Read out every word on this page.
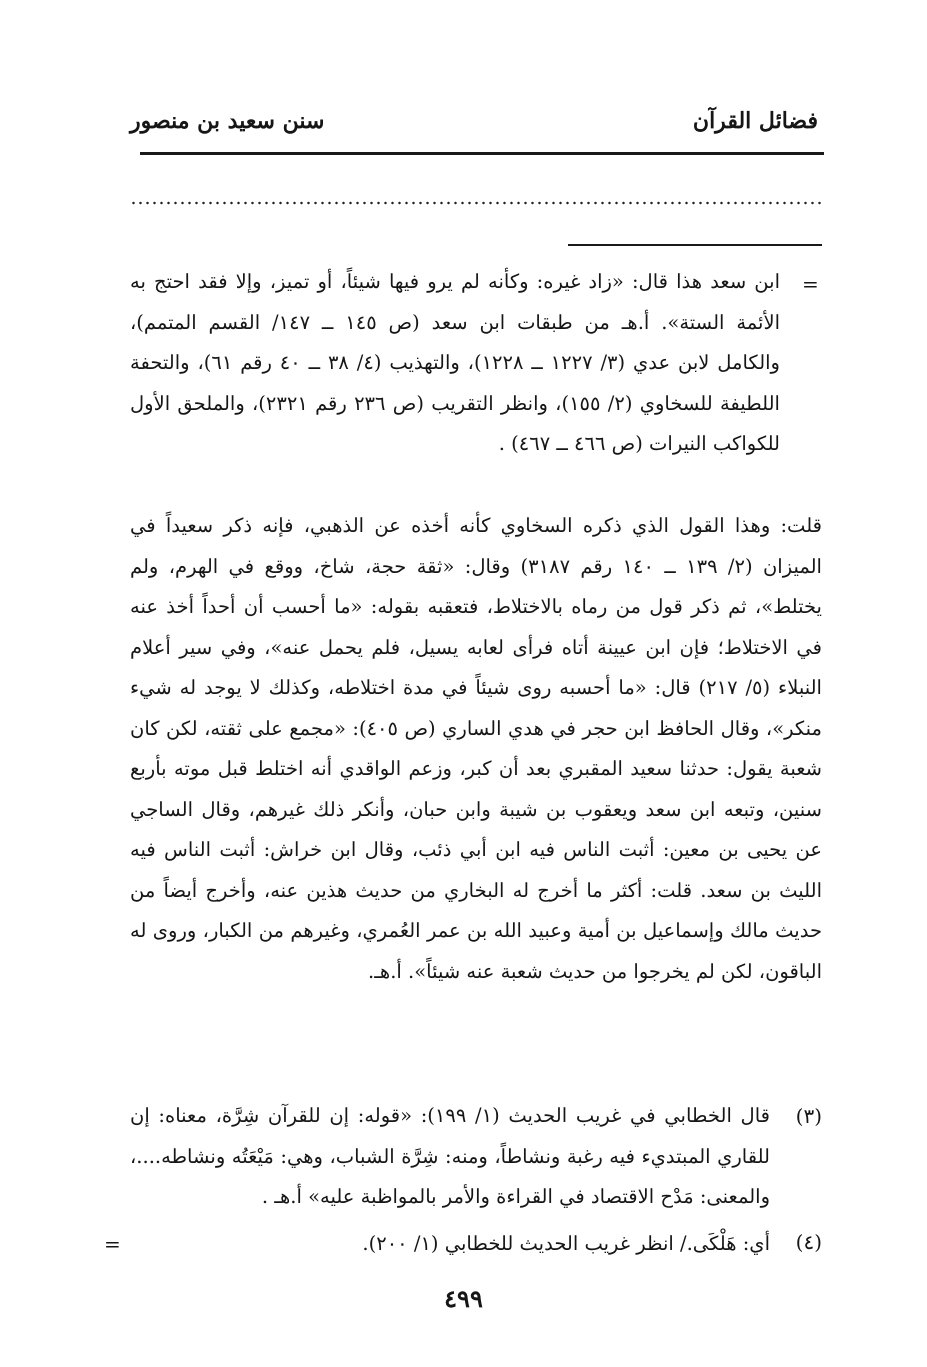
فضائل القرآن
سنن سعيد بن منصور
=
ابن سعد هذا قال: «زاد غيره: وكأنه لم يرو فيها شيئاً، أو تميز، وإلا فقد احتج به الأئمة الستة». أ.هـ من طبقات ابن سعد (ص ١٤٥ ــ ١٤٧/ القسم المتمم)، والكامل لابن عدي (٣/ ١٢٢٧ ــ ١٢٢٨)، والتهذيب (٤/ ٣٨ ــ ٤٠ رقم ٦١)، والتحفة اللطيفة للسخاوي (٢/ ١٥٥)، وانظر التقريب (ص ٢٣٦ رقم ٢٣٢١)، والملحق الأول للكواكب النيرات (ص ٤٦٦ ــ ٤٦٧) .
قلت: وهذا القول الذي ذكره السخاوي كأنه أخذه عن الذهبي، فإنه ذكر سعيداً في الميزان (٢/ ١٣٩ ــ ١٤٠ رقم ٣١٨٧) وقال: «ثقة حجة، شاخ، ووقع في الهرم، ولم يختلط»، ثم ذكر قول من رماه بالاختلاط، فتعقبه بقوله: «ما أحسب أن أحداً أخذ عنه في الاختلاط؛ فإن ابن عيينة أتاه فرأى لعابه يسيل، فلم يحمل عنه»، وفي سير أعلام النبلاء (٥/ ٢١٧) قال: «ما أحسبه روى شيئاً في مدة اختلاطه، وكذلك لا يوجد له شيء منكر»، وقال الحافظ ابن حجر في هدي الساري (ص ٤٠٥): «مجمع على ثقته، لكن كان شعبة يقول: حدثنا سعيد المقبري بعد أن كبر، وزعم الواقدي أنه اختلط قبل موته بأربع سنين، وتبعه ابن سعد ويعقوب بن شيبة وابن حبان، وأنكر ذلك غيرهم، وقال الساجي عن يحيى بن معين: أثبت الناس فيه ابن أبي ذئب، وقال ابن خراش: أثبت الناس فيه الليث بن سعد. قلت: أكثر ما أخرج له البخاري من حديث هذين عنه، وأخرج أيضاً من حديث مالك وإسماعيل بن أمية وعبيد الله بن عمر العُمري، وغيرهم من الكبار، وروى له الباقون، لكن لم يخرجوا من حديث شعبة عنه شيئاً». أ.هـ.
(٣)
قال الخطابي في غريب الحديث (١/ ١٩٩): «قوله: إن للقرآن شِرَّة، معناه: إن للقاري المبتديء فيه رغبة ونشاطاً، ومنه: شِرَّة الشباب، وهي: مَيْعَتُه ونشاطه....، والمعنى: مَدْح الاقتصاد في القراءة والأمر بالمواظبة عليه» أ.هـ .
(٤)
أي: هَلْكَى./ انظر غريب الحديث للخطابي (١/ ٢٠٠).
=
٤٩٩
